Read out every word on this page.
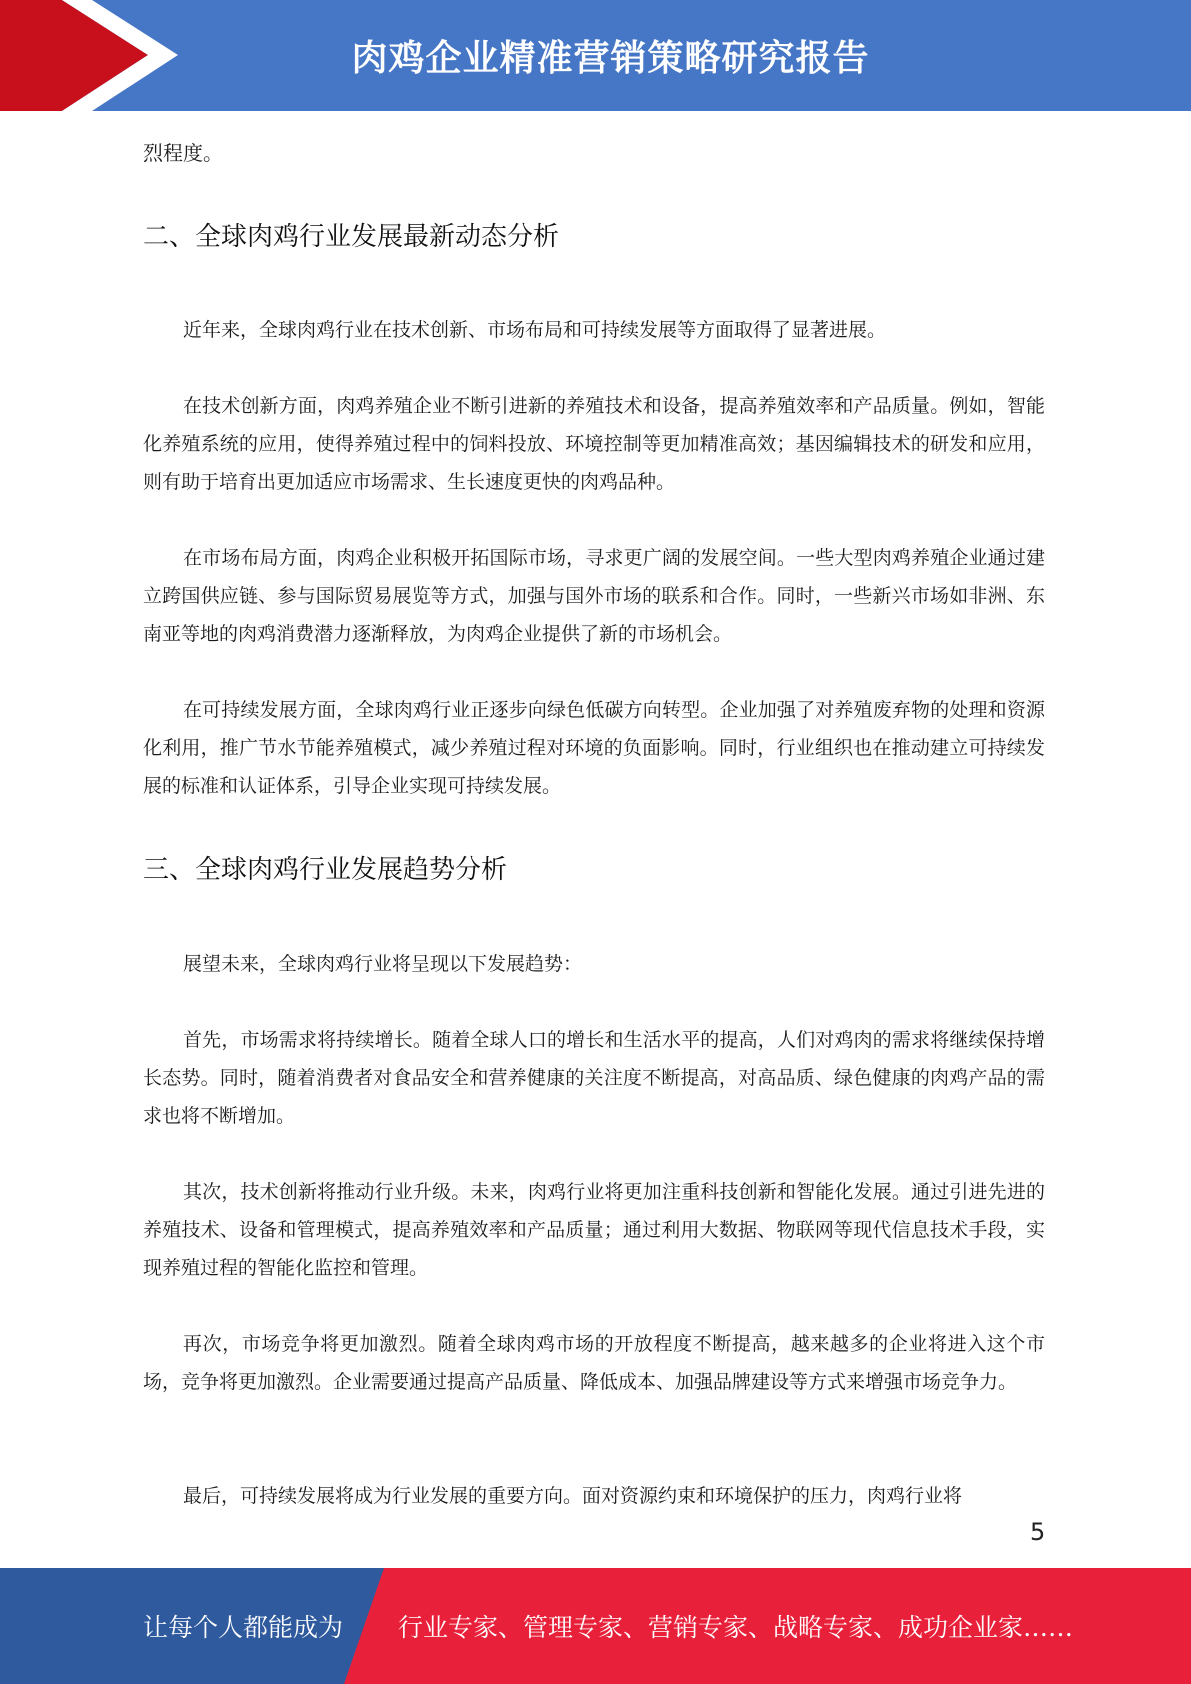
肉鸡企业精准营销策略研究报告
烈程度。
二、全球肉鸡行业发展最新动态分析

近年来，全球肉鸡行业在技术创新、市场布局和可持续发展等方面取得了显著进展。

在技术创新方面，肉鸡养殖企业不断引进新的养殖技术和设备，提高养殖效率和产品质量。例如，智能化养殖系统的应用，使得养殖过程中的饲料投放、环境控制等更加精准高效；基因编辑技术的研发和应用，则有助于培育出更加适应市场需求、生长速度更快的肉鸡品种。

在市场布局方面，肉鸡企业积极开拓国际市场，寻求更广阔的发展空间。一些大型肉鸡养殖企业通过建立跨国供应链、参与国际贸易展览等方式，加强与国外市场的联系和合作。同时，一些新兴市场如非洲、东南亚等地的肉鸡消费潜力逐渐释放，为肉鸡企业提供了新的市场机会。

在可持续发展方面，全球肉鸡行业正逐步向绿色低碳方向转型。企业加强了对养殖废弃物的处理和资源化利用，推广节水节能养殖模式，减少养殖过程对环境的负面影响。同时，行业组织也在推动建立可持续发展的标准和认证体系，引导企业实现可持续发展。

三、全球肉鸡行业发展趋势分析

展望未来，全球肉鸡行业将呈现以下发展趋势：

首先，市场需求将持续增长。随着全球人口的增长和生活水平的提高，人们对鸡肉的需求将继续保持增长态势。同时，随着消费者对食品安全和营养健康的关注度不断提高，对高品质、绿色健康的肉鸡产品的需求也将不断增加。

其次，技术创新将推动行业升级。未来，肉鸡行业将更加注重科技创新和智能化发展。通过引进先进的养殖技术、设备和管理模式，提高养殖效率和产品质量；通过利用大数据、物联网等现代信息技术手段，实现养殖过程的智能化监控和管理。

再次，市场竞争将更加激烈。随着全球肉鸡市场的开放程度不断提高，越来越多的企业将进入这个市场，竞争将更加激烈。企业需要通过提高产品质量、降低成本、加强品牌建设等方式来增强市场竞争力。

最后，可持续发展将成为行业发展的重要方向。面对资源约束和环境保护的压力，肉鸡行业将

5
让每个人都能成为 行业专家、管理专家、营销专家、战略专家、成功企业家……
